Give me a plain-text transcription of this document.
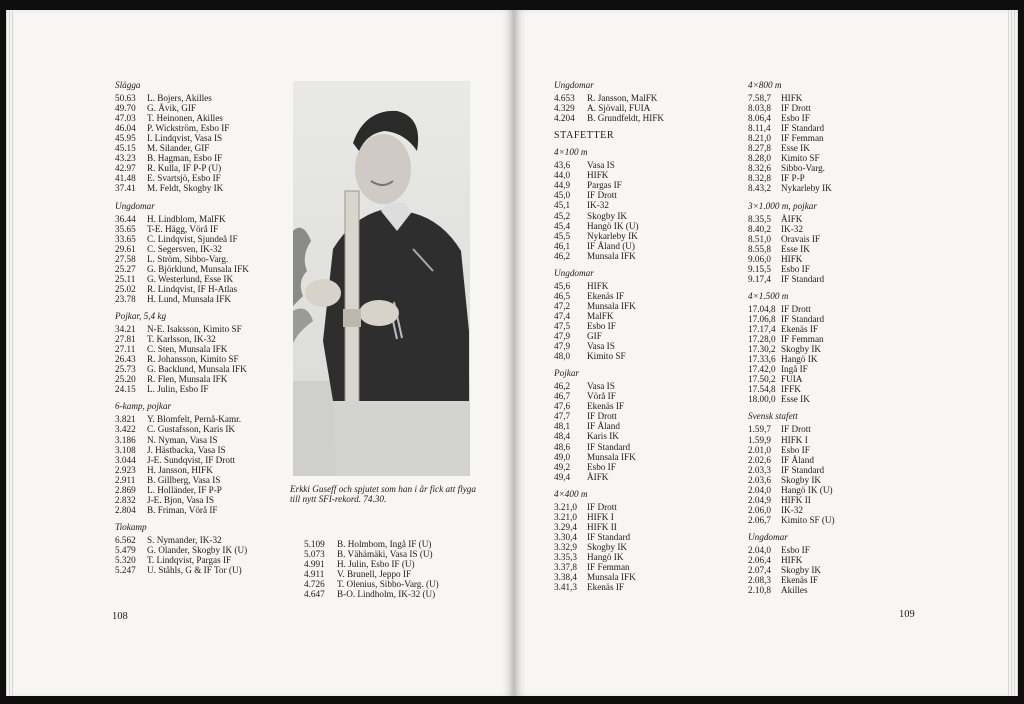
Slägga
50.63	L. Bojers, Akilles
49.70	G. Åvik, GIF
47.03	T. Heinonen, Akilles
46.04	P. Wickström, Esbo IF
45.95	I. Lindqvist, Vasa IS
45.15	M. Silander, GIF
43.23	B. Hagman, Esbo IF
42.97	R. Kulla, IF P-P (U)
41.48	E. Svartsjö, Esbo IF
37.41	M. Feldt, Skogby IK
Ungdomar
36.44	H. Lindblom, MalFK
35.65	T-E. Hägg, Vörå IF
33.65	C. Lindqvist, Sjundeå IF
29.61	C. Segersven, IK-32
27.58	L. Ström, Sibbo-Varg.
25.27	G. Björklund, Munsala IFK
25.11	G. Westerlund, Esse IK
25.02	R. Lindqvist, IF H-Atlas
23.78	H. Lund, Munsala IFK
Pojkar, 5,4 kg
34.21	N-E. Isaksson, Kimito SF
27.81	T. Karlsson, IK-32
27.11	C. Sten, Munsala IFK
26.43	R. Johansson, Kimito SF
25.73	G. Backlund, Munsala IFK
25.20	R. Flen, Munsala IFK
24.15	L. Julin, Esbo IF
6-kamp, pojkar
3.821	Y. Blomfelt, Pernå-Kamr.
3.422	C. Gustafsson, Karis IK
3.186	N. Nyman, Vasa IS
3.108	J. Hästbacka, Vasa IS
3.044	J-E. Sundqvist, IF Drott
2.923	H. Jansson, HIFK
2.911	B. Gillberg, Vasa IS
2.869	L. Holländer, IF P-P
2.832	J-E. Bjon, Vasa IS
2.804	B. Friman, Vörå IF
Tiokamp
6.562	S. Nymander, IK-32
5.479	G. Olander, Skogby IK (U)
5.320	T. Lindqvist, Pargas IF
5.247	U. Ståhls, G & IF Tor (U)
Erkki Guseff och spjutet som han i år fick att flyga till nytt SFI-rekord. 74.30.
5.109	B. Holmbom, Ingå IF (U)
5.073	B. Vähämäki, Vasa IS (U)
4.991	H. Julin, Esbo IF (U)
4.911	V. Brunell, Jeppo IF
4.726	T. Olenius, Sibbo-Varg. (U)
4.647	B-O. Lindholm, IK-32 (U)
108
Ungdomar
4.653	R. Jansson, MalFK
4.329	A. Sjövall, FUIA
4.204	B. Grundfeldt, HIFK
STAFETTER
4×100 m
43,6	Vasa IS
44,0	HIFK
44,9	Pargas IF
45,0	IF Drott
45,1	IK-32
45,2	Skogby IK
45,4	Hangö IK (U)
45,5	Nykarleby IK
46,1	IF Åland (U)
46,2	Munsala IFK
Ungdomar
45,6	HIFK
46,5	Ekenäs IF
47,2	Munsala IFK
47,4	MalFK
47,5	Esbo IF
47,9	GIF
47,9	Vasa IS
48,0	Kimito SF
Pojkar
46,2	Vasa IS
46,7	Vörå IF
47,6	Ekenäs IF
47,7	IF Drott
48,1	IF Åland
48,4	Karis IK
48,6	IF Standard
49,0	Munsala IFK
49,2	Esbo IF
49,4	ÅIFK
4×400 m
3.21,0	IF Drott
3.21,0	HIFK I
3.29,4	HIFK II
3.30,4	IF Standard
3.32,9	Skogby IK
3.35,3	Hangö IK
3.37,8	IF Femman
3.38,4	Munsala IFK
3.41,3	Ekenäs IF
4×800 m
7.58,7	HIFK
8.03,8	IF Drott
8.06,4	Esbo IF
8.11,4	IF Standard
8.21,0	IF Femman
8.27,8	Esse IK
8.28,0	Kimito SF
8.32,6	Sibbo-Varg.
8.32,8	IF P-P
8.43,2	Nykarleby IK
3×1.000 m, pojkar
8.35,5	ÅIFK
8.40,2	IK-32
8.51,0	Oravais IF
8.55,8	Esse IK
9.06,0	HIFK
9.15,5	Esbo IF
9.17,4	IF Standard
4×1.500 m
17.04,8 IF Drott
17.06,8 IF Standard
17.17,4 Ekenäs IF
17.28,0 IF Femman
17.30,2 Skogby IK
17.33,6 Hangö IK
17.42,0 Ingå IF
17.50,2 FUIA
17.54,8 IFFK
18.00,0 Esse IK
Svensk stafett
1.59,7	IF Drott
1.59,9	HIFK I
2.01,0	Esbo IF
2.02,6	IF Åland
2.03,3	IF Standard
2.03,6	Skogby IK
2.04,0	Hangö IK (U)
2.04,9	HIFK II
2.06,0	IK-32
2.06,7	Kimito SF (U)
Ungdomar
2.04,0	Esbo IF
2.06,4	HIFK
2.07,4	Skogby IK
2.08,3	Ekenäs IF
2.10,8	Akilles
109
